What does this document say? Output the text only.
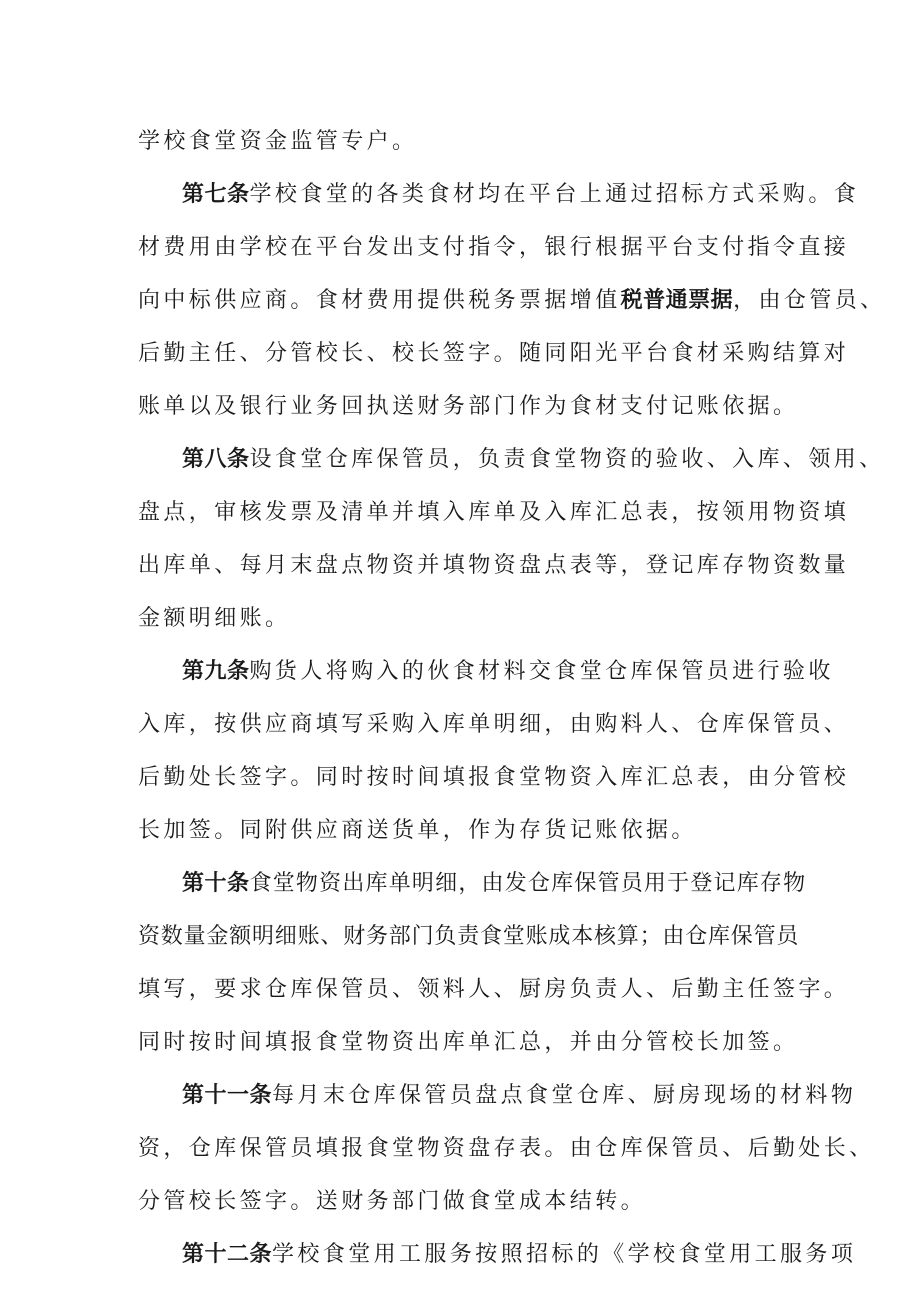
学校食堂资金监管专户。
第七条学校食堂的各类食材均在平台上通过招标方式采购。食
材费用由学校在平台发出支付指令，银行根据平台支付指令直接
向中标供应商。食材费用提供税务票据增值税普通票据，由仓管员、
后勤主任、分管校长、校长签字。随同阳光平台食材采购结算对
账单以及银行业务回执送财务部门作为食材支付记账依据。
第八条设食堂仓库保管员，负责食堂物资的验收、入库、领用、
盘点，审核发票及清单并填入库单及入库汇总表，按领用物资填
出库单、每月末盘点物资并填物资盘点表等，登记库存物资数量
金额明细账。
第九条购货人将购入的伙食材料交食堂仓库保管员进行验收
入库，按供应商填写采购入库单明细，由购料人、仓库保管员、
后勤处长签字。同时按时间填报食堂物资入库汇总表，由分管校
长加签。同附供应商送货单，作为存货记账依据。
第十条食堂物资出库单明细，由发仓库保管员用于登记库存物
资数量金额明细账、财务部门负责食堂账成本核算；由仓库保管员
填写，要求仓库保管员、领料人、厨房负责人、后勤主任签字。
同时按时间填报食堂物资出库单汇总，并由分管校长加签。
第十一条每月末仓库保管员盘点食堂仓库、厨房现场的材料物
资，仓库保管员填报食堂物资盘存表。由仓库保管员、后勤处长、
分管校长签字。送财务部门做食堂成本结转。
第十二条学校食堂用工服务按照招标的《学校食堂用工服务项
